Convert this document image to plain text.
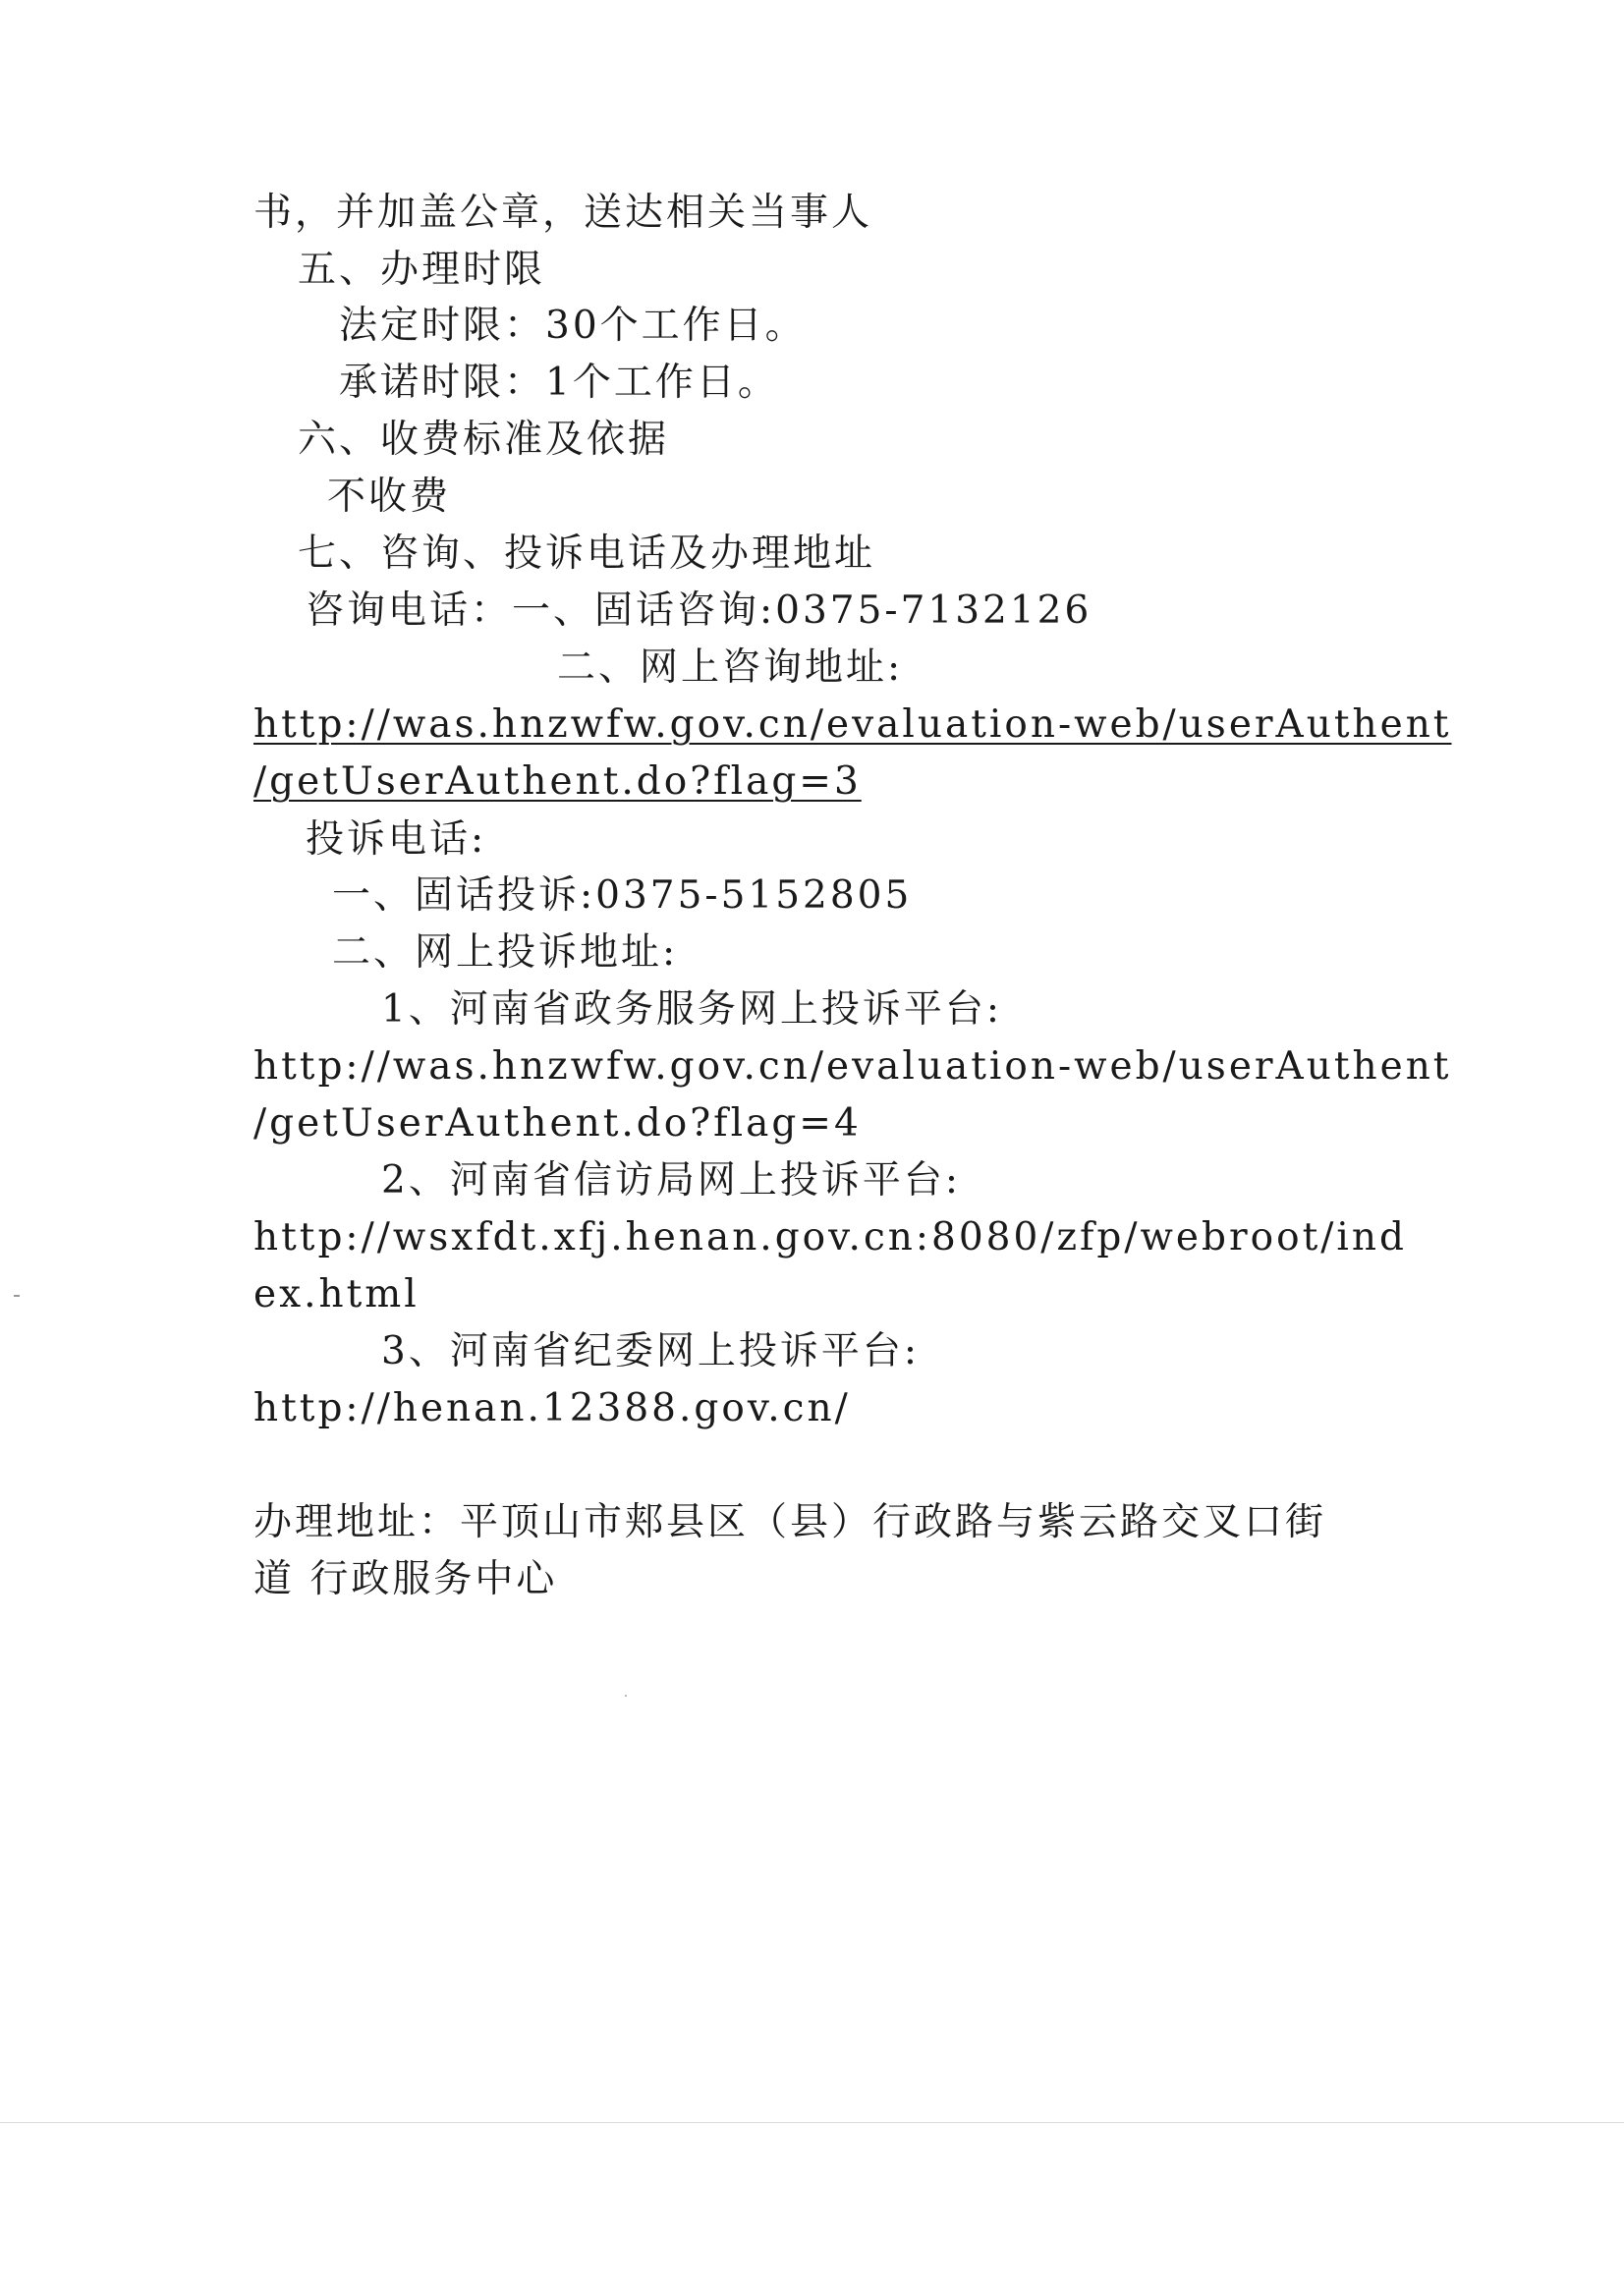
书，并加盖公章，送达相关当事人
五、办理时限
法定时限：30个工作日。
承诺时限：1个工作日。
六、收费标准及依据
不收费
七、咨询、投诉电话及办理地址
咨询电话：一、固话咨询:0375-7132126
二、网上咨询地址:
http://was.hnzwfw.gov.cn/evaluation-web/userAuthent
/getUserAuthent.do?flag=3
投诉电话:
一、固话投诉:0375-5152805
二、网上投诉地址:
1、河南省政务服务网上投诉平台:
http://was.hnzwfw.gov.cn/evaluation-web/userAuthent
/getUserAuthent.do?flag=4
2、河南省信访局网上投诉平台:
http://wsxfdt.xfj.henan.gov.cn:8080/zfp/webroot/ind
ex.html
3、河南省纪委网上投诉平台:
http://henan.12388.gov.cn/
办理地址：平顶山市郏县区（县）行政路与紫云路交叉口街
道 行政服务中心
